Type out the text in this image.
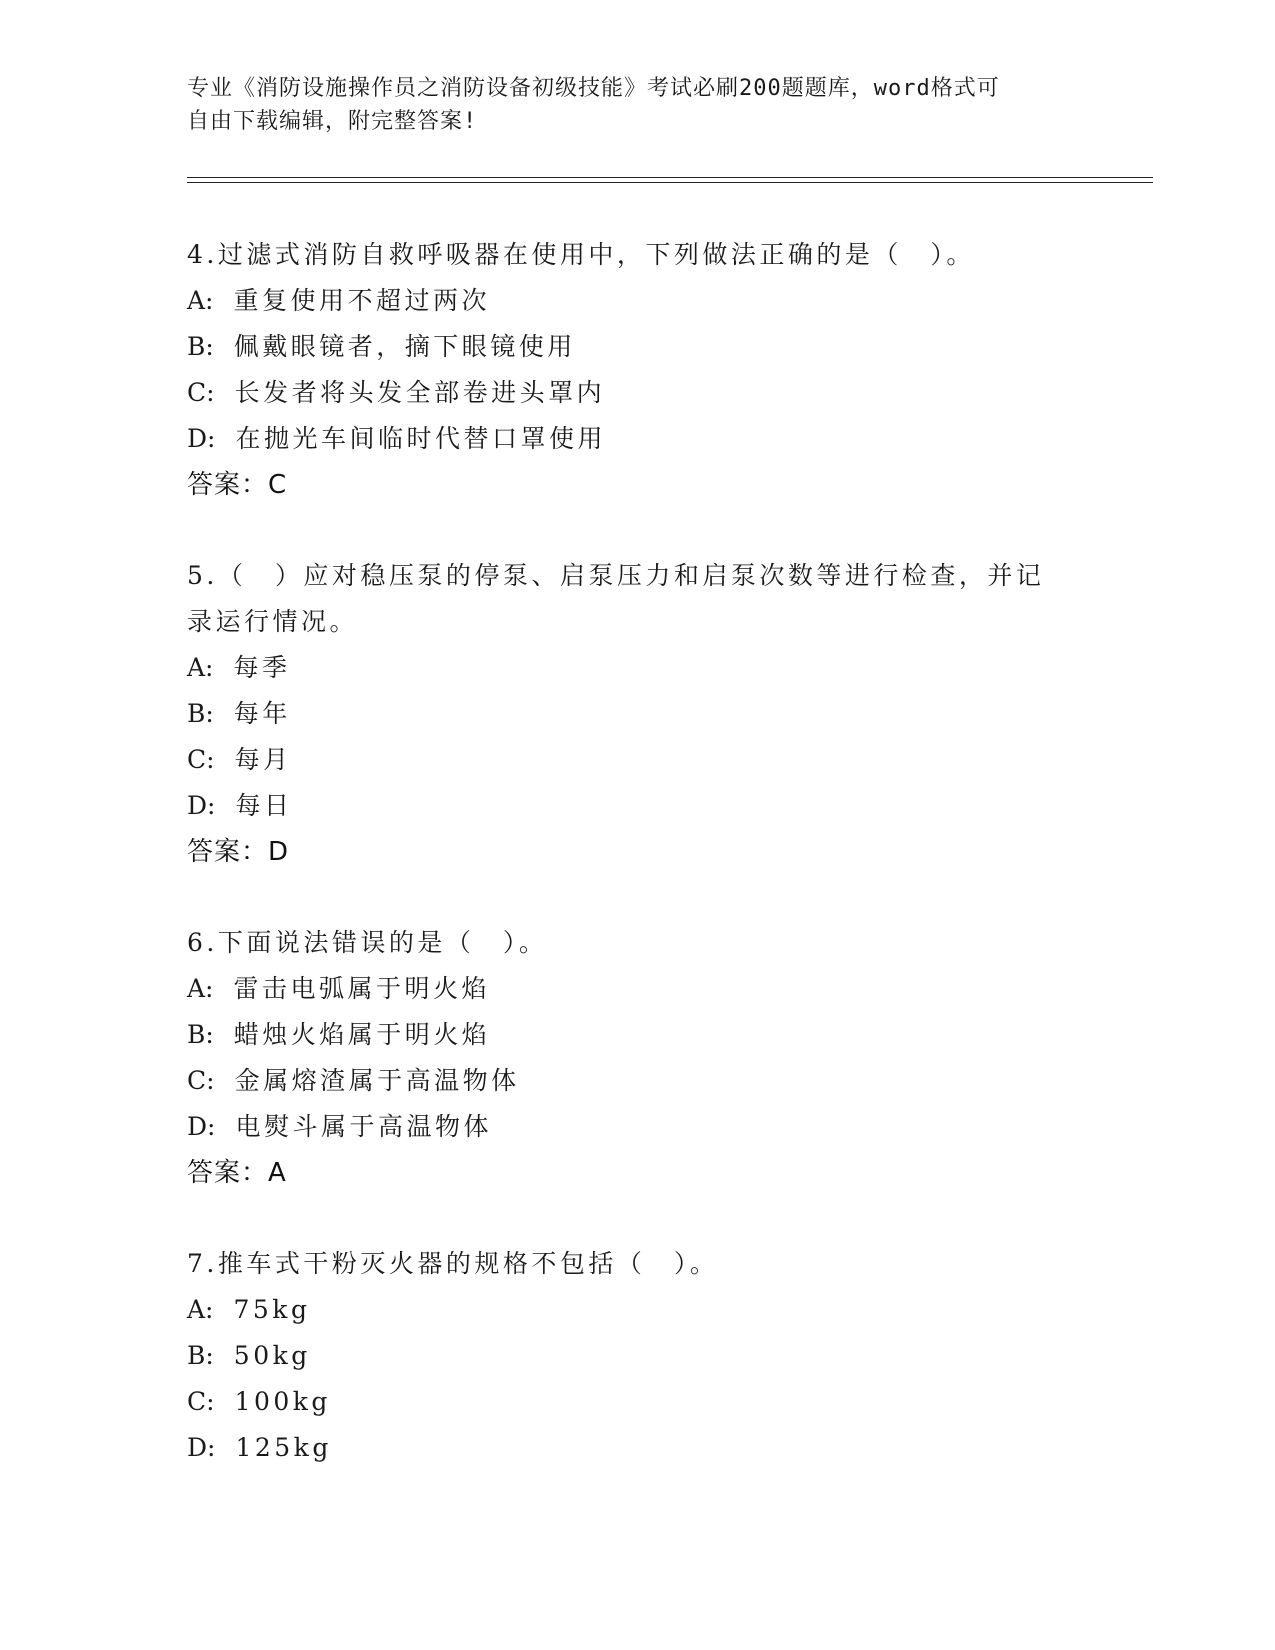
专业《消防设施操作员之消防设备初级技能》考试必刷200题题库，word格式可
自由下载编辑，附完整答案!
4.过滤式消防自救呼吸器在使用中，下列做法正确的是（　）。
A: 重复使用不超过两次
B: 佩戴眼镜者，摘下眼镜使用
C: 长发者将头发全部卷进头罩内
D: 在抛光车间临时代替口罩使用
答案：C
5.（　）应对稳压泵的停泵、启泵压力和启泵次数等进行检查，并记
录运行情况。
A: 每季
B: 每年
C: 每月
D: 每日
答案：D
6.下面说法错误的是（　）。
A: 雷击电弧属于明火焰
B: 蜡烛火焰属于明火焰
C: 金属熔渣属于高温物体
D: 电熨斗属于高温物体
答案：A
7.推车式干粉灭火器的规格不包括（　）。
A: 75kg
B: 50kg
C: 100kg
D: 125kg
